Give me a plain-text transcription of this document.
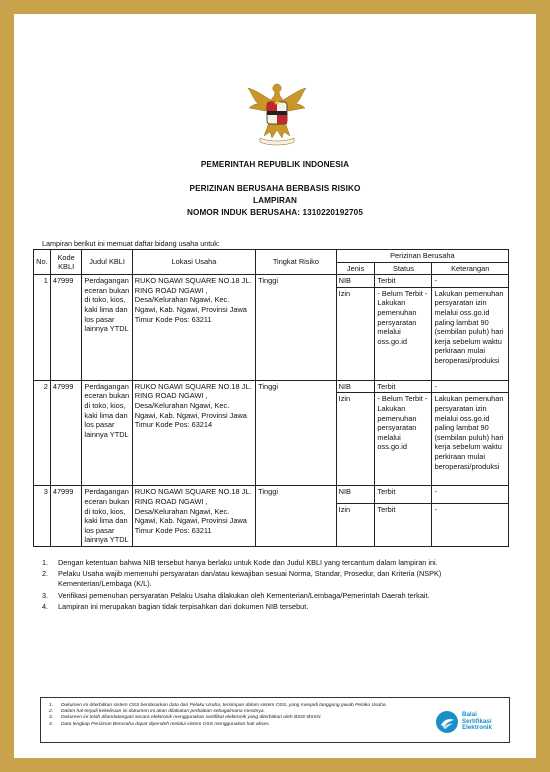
PEMERINTAH REPUBLIK INDONESIA
PERIZINAN BERUSAHA BERBASIS RISIKO
LAMPIRAN
NOMOR INDUK BERUSAHA: 1310220192705
Lampiran berikut ini memuat daftar bidang usaha untuk:
No.	Kode KBLI	Judul KBLI	Lokasi Usaha	Tingkat Risiko	Perizinan Berusaha		
					Jenis	Status	Keterangan
1	47999	Perdagangan eceran bukan di toko, kios, kaki lima dan los pasar lainnya YTDL	RUKO NGAWI SQUARE NO.18 JL. RING ROAD NGAWI , Desa/Kelurahan Ngawi, Kec. Ngawi, Kab. Ngawi, Provinsi Jawa Timur Kode Pos: 63211	Tinggi	NIB	Terbit	-
					Izin	- Belum Terbit - Lakukan pemenuhan persyaratan melalui oss.go.id	Lakukan pemenuhan persyaratan izin melalui oss.go.id paling lambat 90 (sembilan puluh) hari kerja sebelum waktu perkiraan mulai beroperasi/produksi
2	47999	Perdagangan eceran bukan di toko, kios, kaki lima dan los pasar lainnya YTDL	RUKO NGAWI SQUARE NO.18 JL. RING ROAD NGAWI , Desa/Kelurahan Ngawi, Kec. Ngawi, Kab. Ngawi, Provinsi Jawa Timur Kode Pos: 63214	Tinggi	NIB	Terbit	-
					Izin	- Belum Terbit - Lakukan pemenuhan persyaratan melalui oss.go.id	Lakukan pemenuhan persyaratan izin melalui oss.go.id paling lambat 90 (sembilan puluh) hari kerja sebelum waktu perkiraan mulai beroperasi/produksi
3	47999	Perdagangan eceran bukan di toko, kios, kaki lima dan los pasar lainnya YTDL	RUKO NGAWI SQUARE NO.18 JL. RING ROAD NGAWI , Desa/Kelurahan Ngawi, Kec. Ngawi, Kab. Ngawi, Provinsi Jawa Timur Kode Pos: 63211	Tinggi	NIB	Terbit	-
					Izin	Terbit	-
1.	Dengan ketentuan bahwa NIB tersebut hanya berlaku untuk Kode dan Judul KBLI yang tercantum dalam lampiran ini.
2.	Pelaku Usaha wajib memenuhi persyaratan dan/atau kewajiban sesuai Norma, Standar, Prosedur, dan Kriteria (NSPK) Kementerian/Lembaga (K/L).
3.	Verifikasi pemenuhan persyaratan Pelaku Usaha dilakukan oleh Kementerian/Lembaga/Pemerintah Daerah terkait.
4.	Lampiran ini merupakan bagian tidak terpisahkan dari dokumen NIB tersebut.
1.	Dokumen ini diterbitkan sistem OSS berdasarkan data dari Pelaku Usaha, tersimpan dalam sistem OSS, yang menjadi tanggung jawab Pelaku Usaha.
2.	Dalam hal terjadi kekeliruan isi dokumen ini akan dilakukan perbaikan sebagaimana mestinya.
3.	Dokumen ini telah ditandatangani secara elektronik menggunakan sertifikat elektronik yang diterbitkan oleh BSrE-BSSN.
4.	Data lengkap Perizinan Berusaha dapat diperoleh melalui sistem OSS menggunakan hak akses.
Balai
Sertifikasi
Elektronik
